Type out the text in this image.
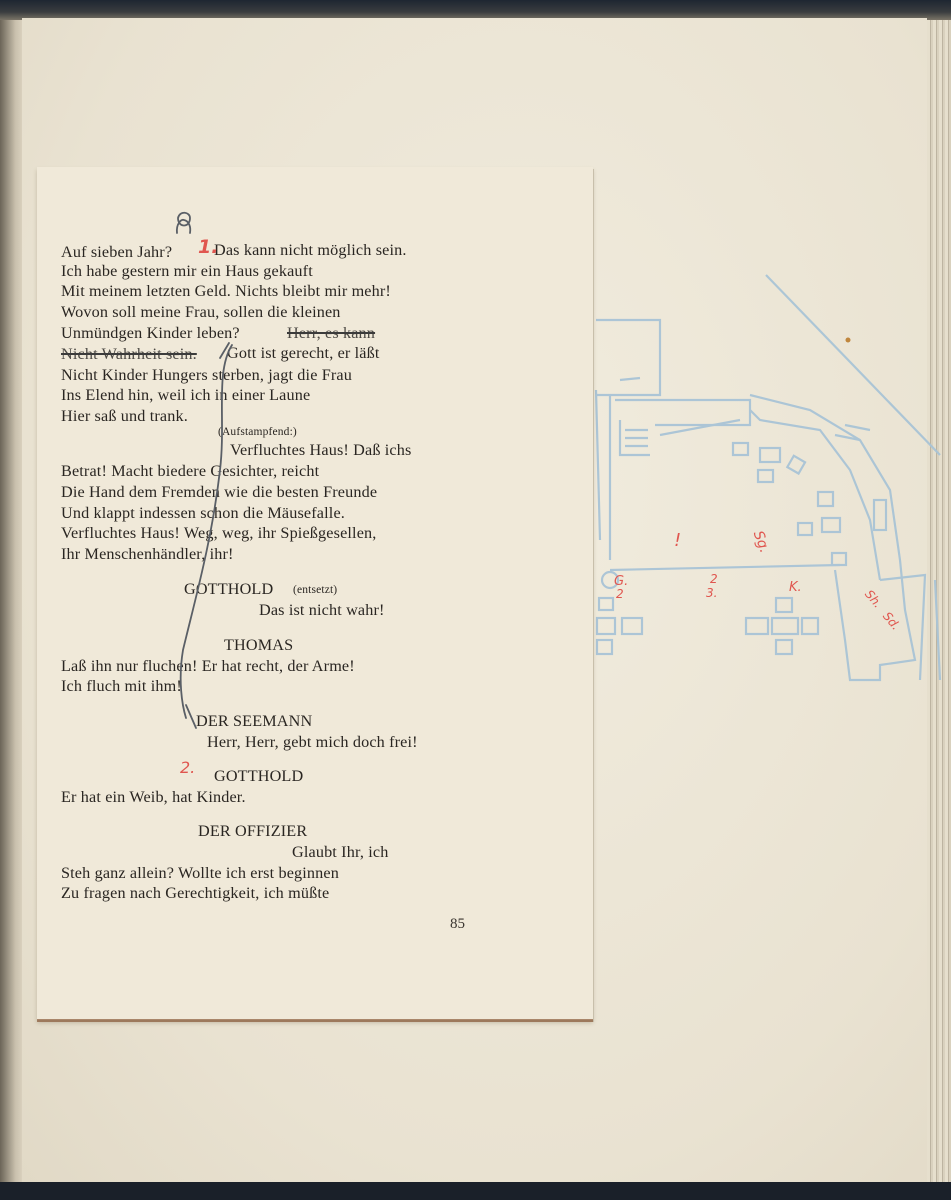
Auf sieben Jahr?	Das kann nicht möglich sein.
Ich habe gestern mir ein Haus gekauft
Mit meinem letzten Geld. Nichts bleibt mir mehr!
Wovon soll meine Frau, sollen die kleinen
Unmündgen Kinder leben?	Herr, es kann
Nicht Wahrheit sein. Gott ist gerecht, er läßt
Nicht Kinder Hungers sterben, jagt die Frau
Ins Elend hin, weil ich in einer Laune
Hier saß und trank.
(Aufstampfend:)
Verfluchtes Haus! Daß ichs
Betrat! Macht biedere Gesichter, reicht
Die Hand dem Fremden wie die besten Freunde
Und klappt indessen schon die Mäusefalle.
Verfluchtes Haus! Weg, weg, ihr Spießgesellen,
Ihr Menschenhändler, ihr!
GOTTHOLD (entsetzt)
Das ist nicht wahr!
THOMAS
Laß ihn nur fluchen! Er hat recht, der Arme!
Ich fluch mit ihm!
DER SEEMANN
Herr, Herr, gebt mich doch frei!
GOTTHOLD
Er hat ein Weib, hat Kinder.
DER OFFIZIER
Glaubt Ihr, ich
Steh ganz allein? Wollte ich erst beginnen
Zu fragen nach Gerechtigkeit, ich müßte
85
1.
2.
!	Sg.
G.
2
2
3.	K.	Sh.
Sd.
